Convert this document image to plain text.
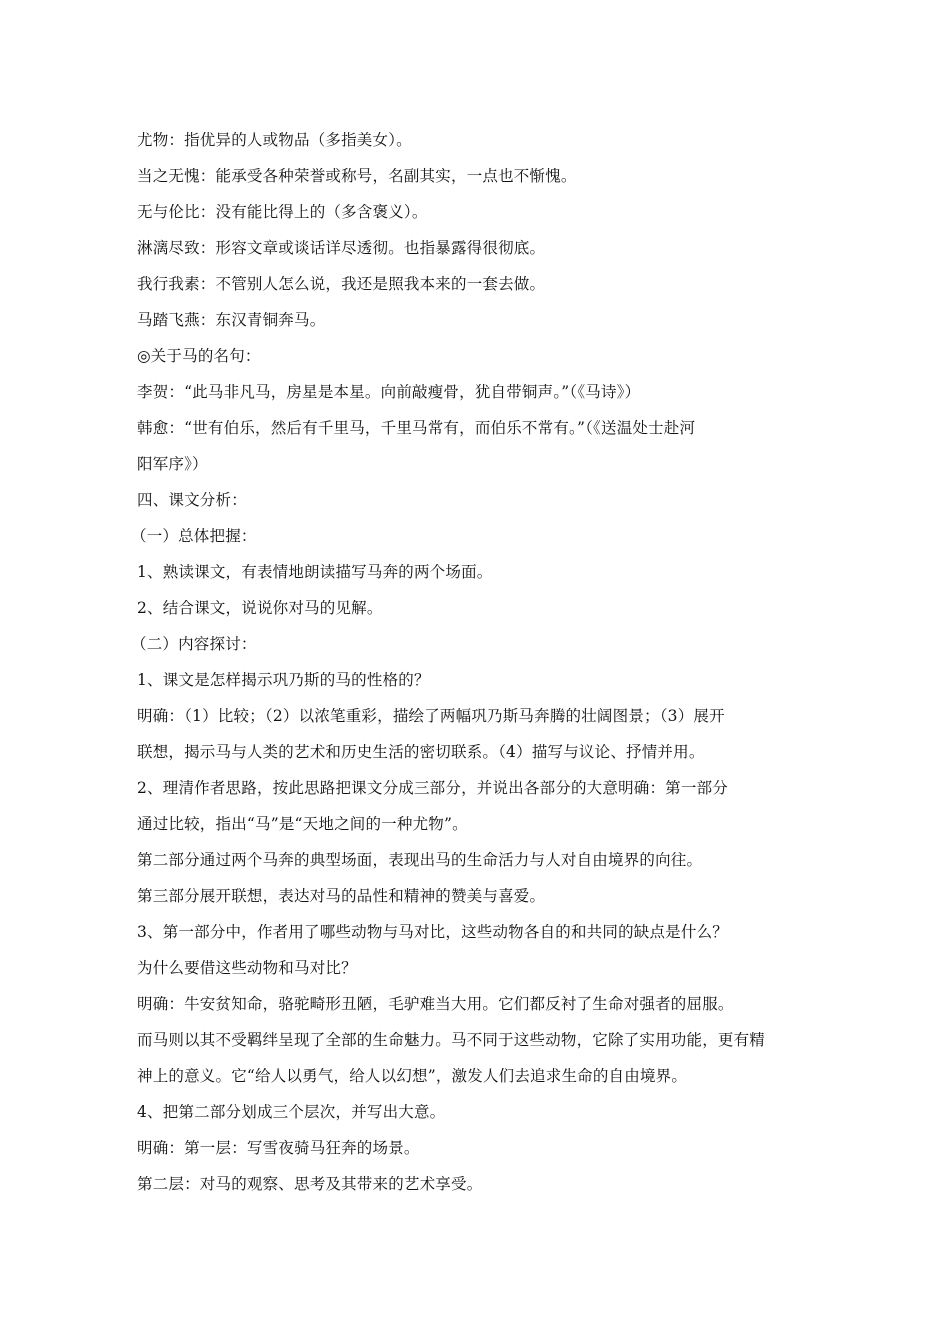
尤物：指优异的人或物品（多指美女）。
当之无愧：能承受各种荣誉或称号，名副其实，一点也不惭愧。
无与伦比：没有能比得上的（多含褒义）。
淋漓尽致：形容文章或谈话详尽透彻。也指暴露得很彻底。
我行我素：不管别人怎么说，我还是照我本来的一套去做。
马踏飞燕：东汉青铜奔马。
◎关于马的名句：
李贺：“此马非凡马，房星是本星。向前敲瘦骨，犹自带铜声。”（《马诗》）
韩愈：“世有伯乐，然后有千里马，千里马常有，而伯乐不常有。”（《送温处士赴河
阳军序》）
四、课文分析：
（一）总体把握：
1、熟读课文，有表情地朗读描写马奔的两个场面。
2、结合课文，说说你对马的见解。
（二）内容探讨：
1、课文是怎样揭示巩乃斯的马的性格的？
明确：（1）比较；（2）以浓笔重彩，描绘了两幅巩乃斯马奔腾的壮阔图景；（3）展开
联想，揭示马与人类的艺术和历史生活的密切联系。（4）描写与议论、抒情并用。
2、理清作者思路，按此思路把课文分成三部分，并说出各部分的大意明确：第一部分
通过比较，指出“马”是“天地之间的一种尤物”。
第二部分通过两个马奔的典型场面，表现出马的生命活力与人对自由境界的向往。
第三部分展开联想，表达对马的品性和精神的赞美与喜爱。
3、第一部分中，作者用了哪些动物与马对比，这些动物各自的和共同的缺点是什么？
为什么要借这些动物和马对比？
明确：牛安贫知命，骆驼畸形丑陋，毛驴难当大用。它们都反衬了生命对强者的屈服。
而马则以其不受羁绊呈现了全部的生命魅力。马不同于这些动物，它除了实用功能，更有精
神上的意义。它“给人以勇气，给人以幻想”，激发人们去追求生命的自由境界。
4、把第二部分划成三个层次，并写出大意。
明确：第一层：写雪夜骑马狂奔的场景。
第二层：对马的观察、思考及其带来的艺术享受。
